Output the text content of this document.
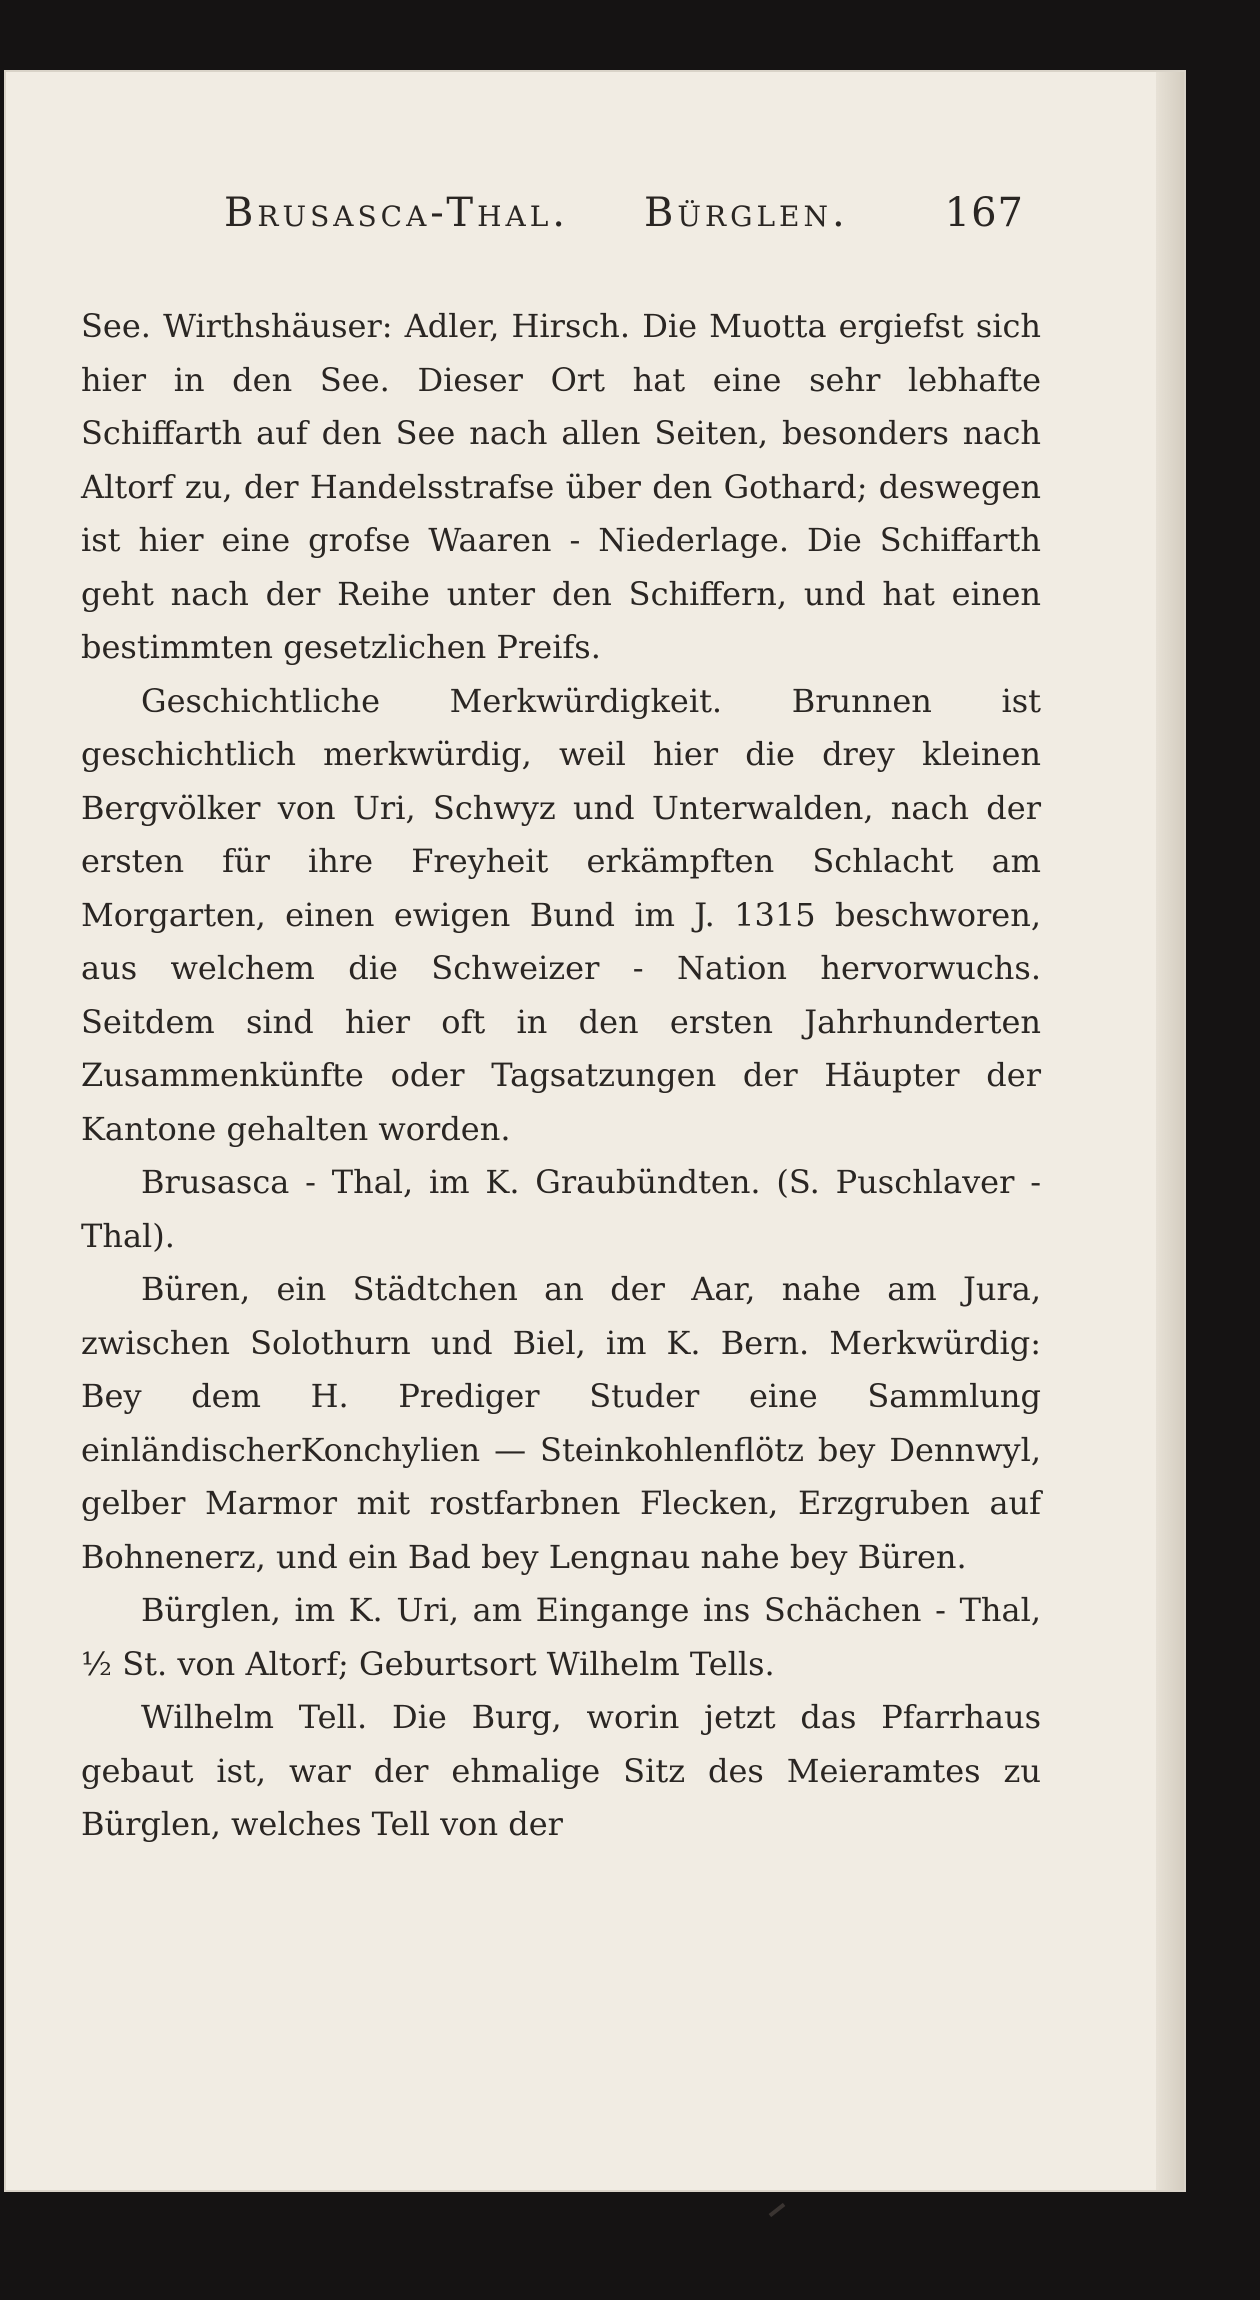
Brusasca-Thal. Bürglen. 167

See. Wirthshäuser: Adler, Hirsch. Die Muotta ergiefst sich hier in den See. Dieser Ort hat eine sehr lebhafte Schiffarth auf den See nach allen Seiten, besonders nach Altorf zu, der Handelsstrafse über den Gothard; deswegen ist hier eine grofse Waaren - Niederlage. Die Schiffarth geht nach der Reihe unter den Schiffern, und hat einen bestimmten gesetzlichen Preifs.

Geschichtliche Merkwürdigkeit. Brunnen ist geschichtlich merkwürdig, weil hier die drey kleinen Bergvölker von Uri, Schwyz und Unterwalden, nach der ersten für ihre Freyheit erkämpften Schlacht am Morgarten, einen ewigen Bund im J. 1315 beschworen, aus welchem die Schweizer - Nation hervorwuchs. Seitdem sind hier oft in den ersten Jahrhunderten Zusammenkünfte oder Tagsatzungen der Häupter der Kantone gehalten worden.

Brusasca - Thal, im K. Graubündten. (S. Puschlaver - Thal).

Büren, ein Städtchen an der Aar, nahe am Jura, zwischen Solothurn und Biel, im K. Bern. Merkwürdig: Bey dem H. Prediger Studer eine Sammlung einländischerKonchylien — Steinkohlenflötz bey Dennwyl, gelber Marmor mit rostfarbnen Flecken, Erzgruben auf Bohnenerz, und ein Bad bey Lengnau nahe bey Büren.

Bürglen, im K. Uri, am Eingange ins Schächen - Thal, ½ St. von Altorf; Geburtsort Wilhelm Tells.

Wilhelm Tell. Die Burg, worin jetzt das Pfarrhaus gebaut ist, war der ehmalige Sitz des Meieramtes zu Bürglen, welches Tell von der
